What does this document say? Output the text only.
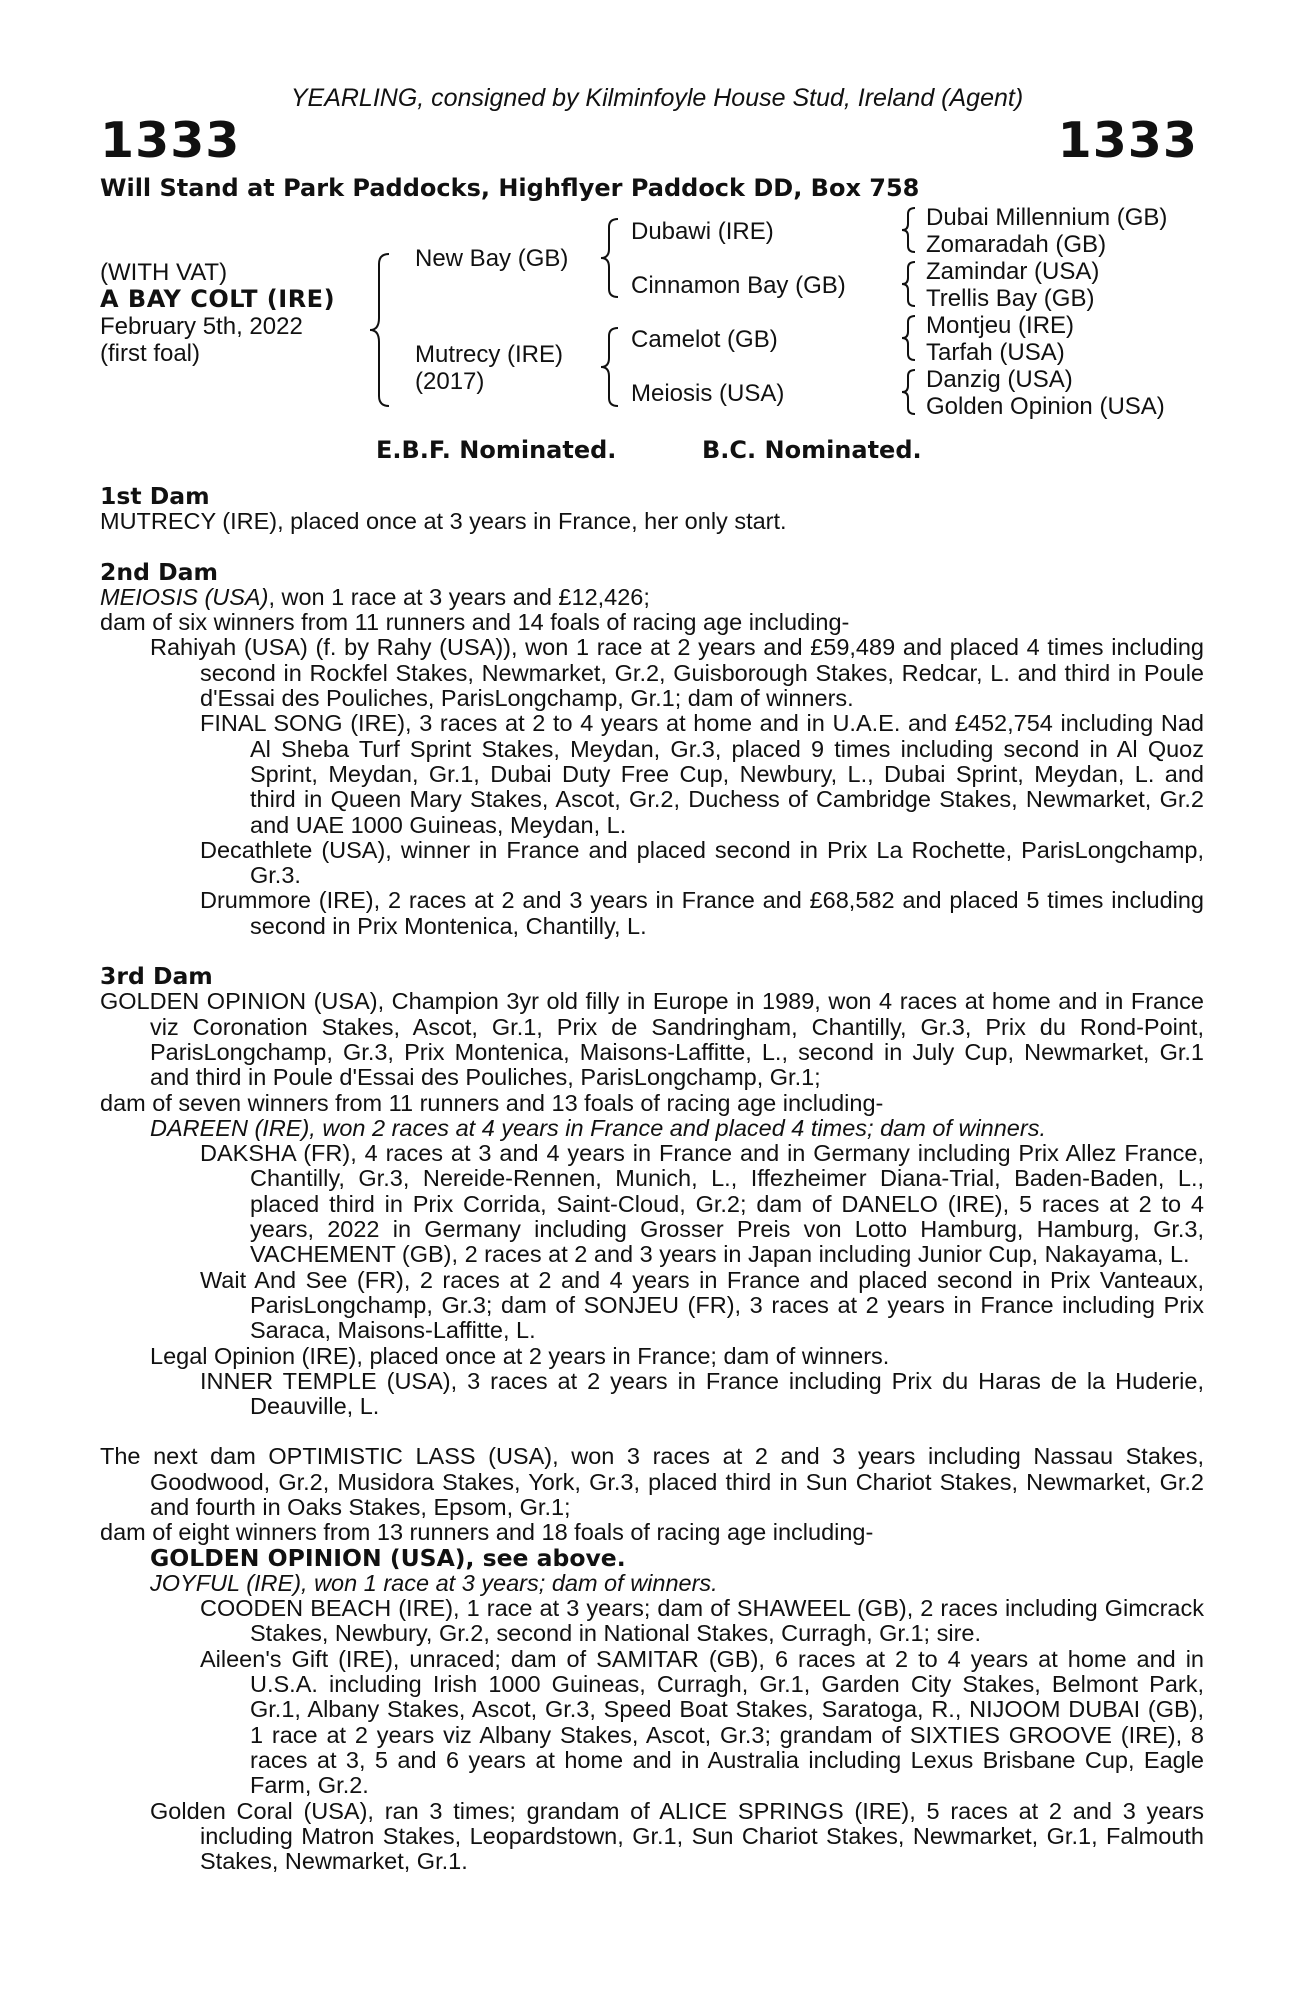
YEARLING, consigned by Kilminfoyle House Stud, Ireland (Agent)
1333	1333
Will Stand at Park Paddocks, Highflyer Paddock DD, Box 758
(WITH VAT)
A BAY COLT (IRE)
February 5th, 2022
(first foal)
New Bay (GB)
Mutrecy (IRE)
(2017)
Dubawi (IRE)
Cinnamon Bay (GB)
Camelot (GB)
Meiosis (USA)
Dubai Millennium (GB)
Zomaradah (GB)
Zamindar (USA)
Trellis Bay (GB)
Montjeu (IRE)
Tarfah (USA)
Danzig (USA)
Golden Opinion (USA)
E.B.F. Nominated.	B.C. Nominated.
1st Dam

MUTRECY (IRE), placed once at 3 years in France, her only start.

2nd Dam

MEIOSIS (USA), won 1 race at 3 years and £12,426;

dam of six winners from 11 runners and 14 foals of racing age including-

Rahiyah (USA) (f. by Rahy (USA)), won 1 race at 2 years and £59,489 and placed 4 times including second in Rockfel Stakes, Newmarket, Gr.2, Guisborough Stakes, Redcar, L. and third in Poule d'Essai des Pouliches, ParisLongchamp, Gr.1; dam of winners.

FINAL SONG (IRE), 3 races at 2 to 4 years at home and in U.A.E. and £452,754 including Nad Al Sheba Turf Sprint Stakes, Meydan, Gr.3, placed 9 times including second in Al Quoz Sprint, Meydan, Gr.1, Dubai Duty Free Cup, Newbury, L., Dubai Sprint, Meydan, L. and third in Queen Mary Stakes, Ascot, Gr.2, Duchess of Cambridge Stakes, Newmarket, Gr.2 and UAE 1000 Guineas, Meydan, L.

Decathlete (USA), winner in France and placed second in Prix La Rochette, ParisLongchamp, Gr.3.

Drummore (IRE), 2 races at 2 and 3 years in France and £68,582 and placed 5 times including second in Prix Montenica, Chantilly, L.

3rd Dam

GOLDEN OPINION (USA), Champion 3yr old filly in Europe in 1989, won 4 races at home and in France viz Coronation Stakes, Ascot, Gr.1, Prix de Sandringham, Chantilly, Gr.3, Prix du Rond-Point, ParisLongchamp, Gr.3, Prix Montenica, Maisons-Laffitte, L., second in July Cup, Newmarket, Gr.1 and third in Poule d'Essai des Pouliches, ParisLongchamp, Gr.1;

dam of seven winners from 11 runners and 13 foals of racing age including-

DAREEN (IRE), won 2 races at 4 years in France and placed 4 times; dam of winners.

DAKSHA (FR), 4 races at 3 and 4 years in France and in Germany including Prix Allez France, Chantilly, Gr.3, Nereide-Rennen, Munich, L., Iffezheimer Diana-Trial, Baden-Baden, L., placed third in Prix Corrida, Saint-Cloud, Gr.2; dam of DANELO (IRE), 5 races at 2 to 4 years, 2022 in Germany including Grosser Preis von Lotto Hamburg, Hamburg, Gr.3, VACHEMENT (GB), 2 races at 2 and 3 years in Japan including Junior Cup, Nakayama, L.

Wait And See (FR), 2 races at 2 and 4 years in France and placed second in Prix Vanteaux, ParisLongchamp, Gr.3; dam of SONJEU (FR), 3 races at 2 years in France including Prix Saraca, Maisons-Laffitte, L.

Legal Opinion (IRE), placed once at 2 years in France; dam of winners.

INNER TEMPLE (USA), 3 races at 2 years in France including Prix du Haras de la Huderie, Deauville, L.

The next dam OPTIMISTIC LASS (USA), won 3 races at 2 and 3 years including Nassau Stakes, Goodwood, Gr.2, Musidora Stakes, York, Gr.3, placed third in Sun Chariot Stakes, Newmarket, Gr.2 and fourth in Oaks Stakes, Epsom, Gr.1;

dam of eight winners from 13 runners and 18 foals of racing age including-

GOLDEN OPINION (USA), see above.

JOYFUL (IRE), won 1 race at 3 years; dam of winners.

COODEN BEACH (IRE), 1 race at 3 years; dam of SHAWEEL (GB), 2 races including Gimcrack Stakes, Newbury, Gr.2, second in National Stakes, Curragh, Gr.1; sire.

Aileen's Gift (IRE), unraced; dam of SAMITAR (GB), 6 races at 2 to 4 years at home and in U.S.A. including Irish 1000 Guineas, Curragh, Gr.1, Garden City Stakes, Belmont Park, Gr.1, Albany Stakes, Ascot, Gr.3, Speed Boat Stakes, Saratoga, R., NIJOOM DUBAI (GB), 1 race at 2 years viz Albany Stakes, Ascot, Gr.3; grandam of SIXTIES GROOVE (IRE), 8 races at 3, 5 and 6 years at home and in Australia including Lexus Brisbane Cup, Eagle Farm, Gr.2.

Golden Coral (USA), ran 3 times; grandam of ALICE SPRINGS (IRE), 5 races at 2 and 3 years including Matron Stakes, Leopardstown, Gr.1, Sun Chariot Stakes, Newmarket, Gr.1, Falmouth Stakes, Newmarket, Gr.1.
